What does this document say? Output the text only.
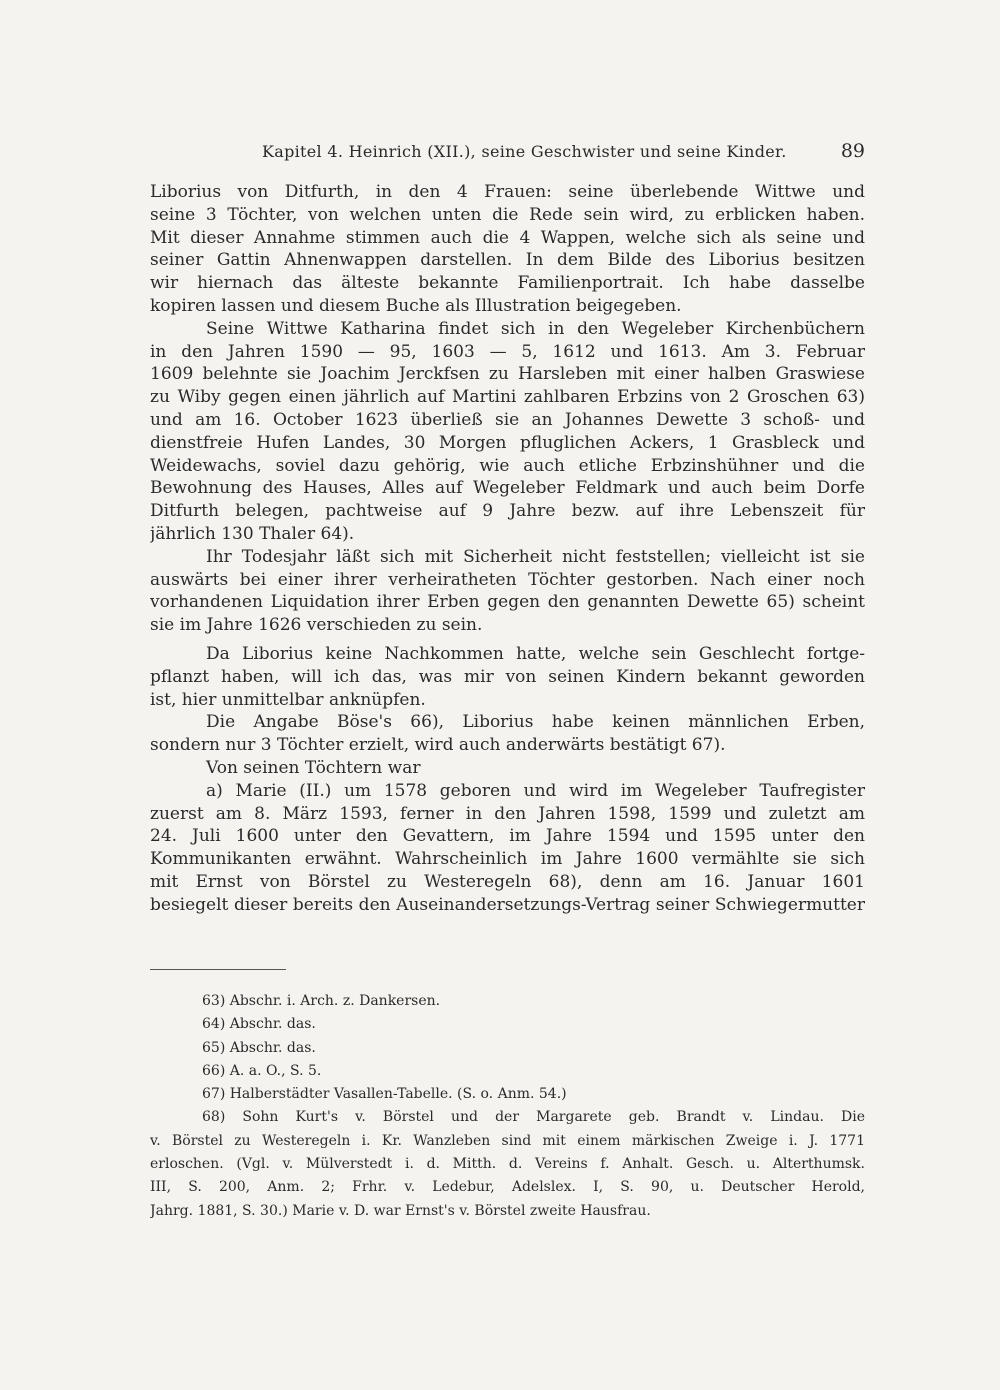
Kapitel 4. Heinrich (XII.), seine Geschwister und seine Kinder.	89
Liborius von Ditfurth, in den 4 Frauen: seine überlebende Wittwe und
seine 3 Töchter, von welchen unten die Rede sein wird, zu erblicken haben.
Mit dieser Annahme stimmen auch die 4 Wappen, welche sich als seine und
seiner Gattin Ahnenwappen darstellen. In dem Bilde des Liborius besitzen
wir hiernach das älteste bekannte Familienportrait. Ich habe dasselbe
kopiren lassen und diesem Buche als Illustration beigegeben.
Seine Wittwe Katharina findet sich in den Wegeleber Kirchenbüchern
in den Jahren 1590 — 95, 1603 — 5, 1612 und 1613. Am 3. Februar
1609 belehnte sie Joachim Jerckfsen zu Harsleben mit einer halben Graswiese
zu Wiby gegen einen jährlich auf Martini zahlbaren Erbzins von 2 Groschen 63)
und am 16. October 1623 überließ sie an Johannes Dewette 3 schoß- und
dienstfreie Hufen Landes, 30 Morgen pfluglichen Ackers, 1 Grasbleck und
Weidewachs, soviel dazu gehörig, wie auch etliche Erbzinshühner und die
Bewohnung des Hauses, Alles auf Wegeleber Feldmark und auch beim Dorfe
Ditfurth belegen, pachtweise auf 9 Jahre bezw. auf ihre Lebenszeit für
jährlich 130 Thaler 64).
Ihr Todesjahr läßt sich mit Sicherheit nicht feststellen; vielleicht ist sie
auswärts bei einer ihrer verheiratheten Töchter gestorben. Nach einer noch
vorhandenen Liquidation ihrer Erben gegen den genannten Dewette 65) scheint
sie im Jahre 1626 verschieden zu sein.
Da Liborius keine Nachkommen hatte, welche sein Geschlecht fortge-
pflanzt haben, will ich das, was mir von seinen Kindern bekannt geworden
ist, hier unmittelbar anknüpfen.
Die Angabe Böse's 66), Liborius habe keinen männlichen Erben,
sondern nur 3 Töchter erzielt, wird auch anderwärts bestätigt 67).
Von seinen Töchtern war
a) Marie (II.) um 1578 geboren und wird im Wegeleber Taufregister
zuerst am 8. März 1593, ferner in den Jahren 1598, 1599 und zuletzt am
24. Juli 1600 unter den Gevattern, im Jahre 1594 und 1595 unter den
Kommunikanten erwähnt. Wahrscheinlich im Jahre 1600 vermählte sie sich
mit Ernst von Börstel zu Westeregeln 68), denn am 16. Januar 1601
besiegelt dieser bereits den Auseinandersetzungs-Vertrag seiner Schwiegermutter
63) Abschr. i. Arch. z. Dankersen.
64) Abschr. das.
65) Abschr. das.
66) A. a. O., S. 5.
67) Halberstädter Vasallen-Tabelle. (S. o. Anm. 54.)
68) Sohn Kurt's v. Börstel und der Margarete geb. Brandt v. Lindau. Die
v. Börstel zu Westeregeln i. Kr. Wanzleben sind mit einem märkischen Zweige i. J. 1771
erloschen. (Vgl. v. Mülverstedt i. d. Mitth. d. Vereins f. Anhalt. Gesch. u. Alterthumsk.
III, S. 200, Anm. 2; Frhr. v. Ledebur, Adelslex. I, S. 90, u. Deutscher Herold,
Jahrg. 1881, S. 30.) Marie v. D. war Ernst's v. Börstel zweite Hausfrau.
